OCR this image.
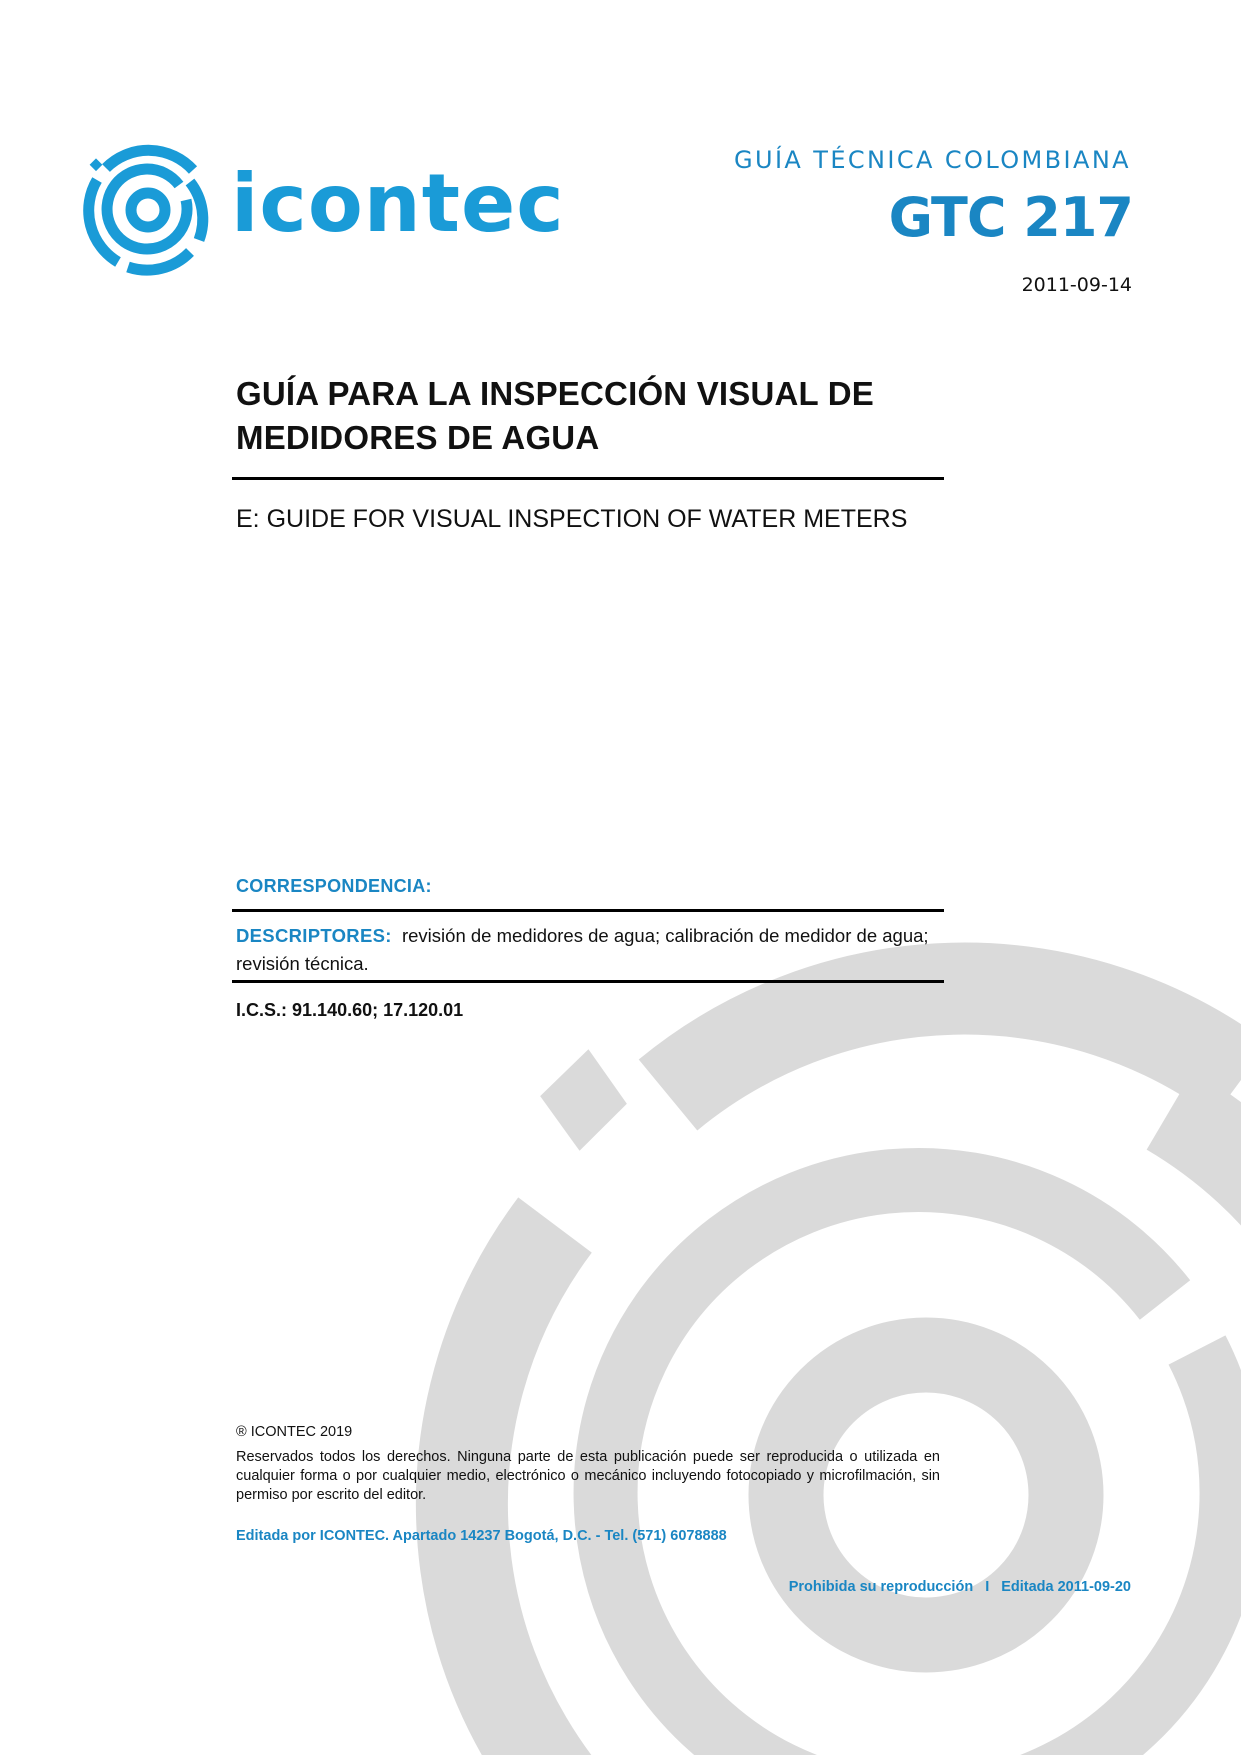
icontec	GUÍA TÉCNICA COLOMBIANA
GTC 217
2011-09-14
GUÍA PARA LA INSPECCIÓN VISUAL DE
MEDIDORES DE AGUA
E: GUIDE FOR VISUAL INSPECTION OF WATER METERS
CORRESPONDENCIA:
DESCRIPTORES: revisión de medidores de agua; calibración de medidor de agua; revisión técnica.
I.C.S.: 91.140.60; 17.120.01
® ICONTEC 2019
Reservados todos los derechos. Ninguna parte de esta publicación puede ser reproducida o utilizada en cualquier forma o por cualquier medio, electrónico o mecánico incluyendo fotocopiado y microfilmación, sin permiso por escrito del editor.
Editada por ICONTEC. Apartado 14237 Bogotá, D.C. - Tel. (571) 6078888
Prohibida su reproducción I Editada 2011-09-20
